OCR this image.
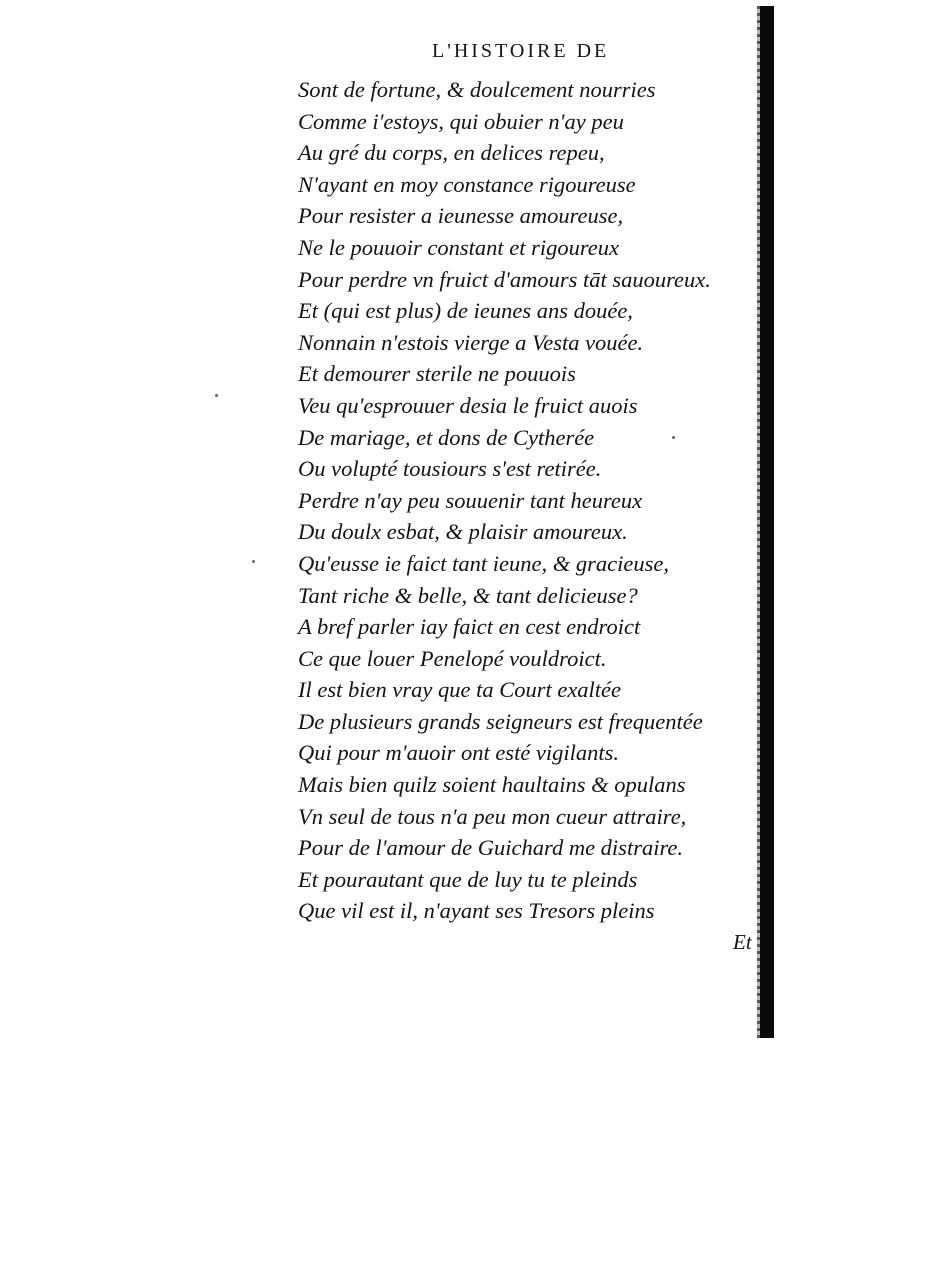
L'HISTOIRE DE
Sont de fortune, & doulcement nourries
Comme i'estoys, qui obuier n'ay peu
Au gré du corps, en delices repeu,
N'ayant en moy constance rigoureuse
Pour resister a ieunesse amoureuse,
Ne le pouuoir constant et rigoureux
Pour perdre vn fruict d'amours tāt sauoureux.
Et (qui est plus) de ieunes ans douée,
Nonnain n'estois vierge a Vesta vouée.
Et demourer sterile ne pouuois
Veu qu'esprouuer desia le fruict auois
De mariage, et dons de Cytherée
Ou volupté tousiours s'est retirée.
Perdre n'ay peu souuenir tant heureux
Du doulx esbat, & plaisir amoureux.
Qu'eusse ie faict tant ieune, & gracieuse,
Tant riche & belle, & tant delicieuse?
A bref parler iay faict en cest endroict
Ce que louer Penelopé vouldroict.
Il est bien vray que ta Court exaltée
De plusieurs grands seigneurs est frequentée
Qui pour m'auoir ont esté vigilants.
Mais bien quilz soient haultains & opulans
Vn seul de tous n'a peu mon cueur attraire,
Pour de l'amour de Guichard me distraire.
Et pourautant que de luy tu te pleinds
Que vil est il, n'ayant ses Tresors pleins
Et
